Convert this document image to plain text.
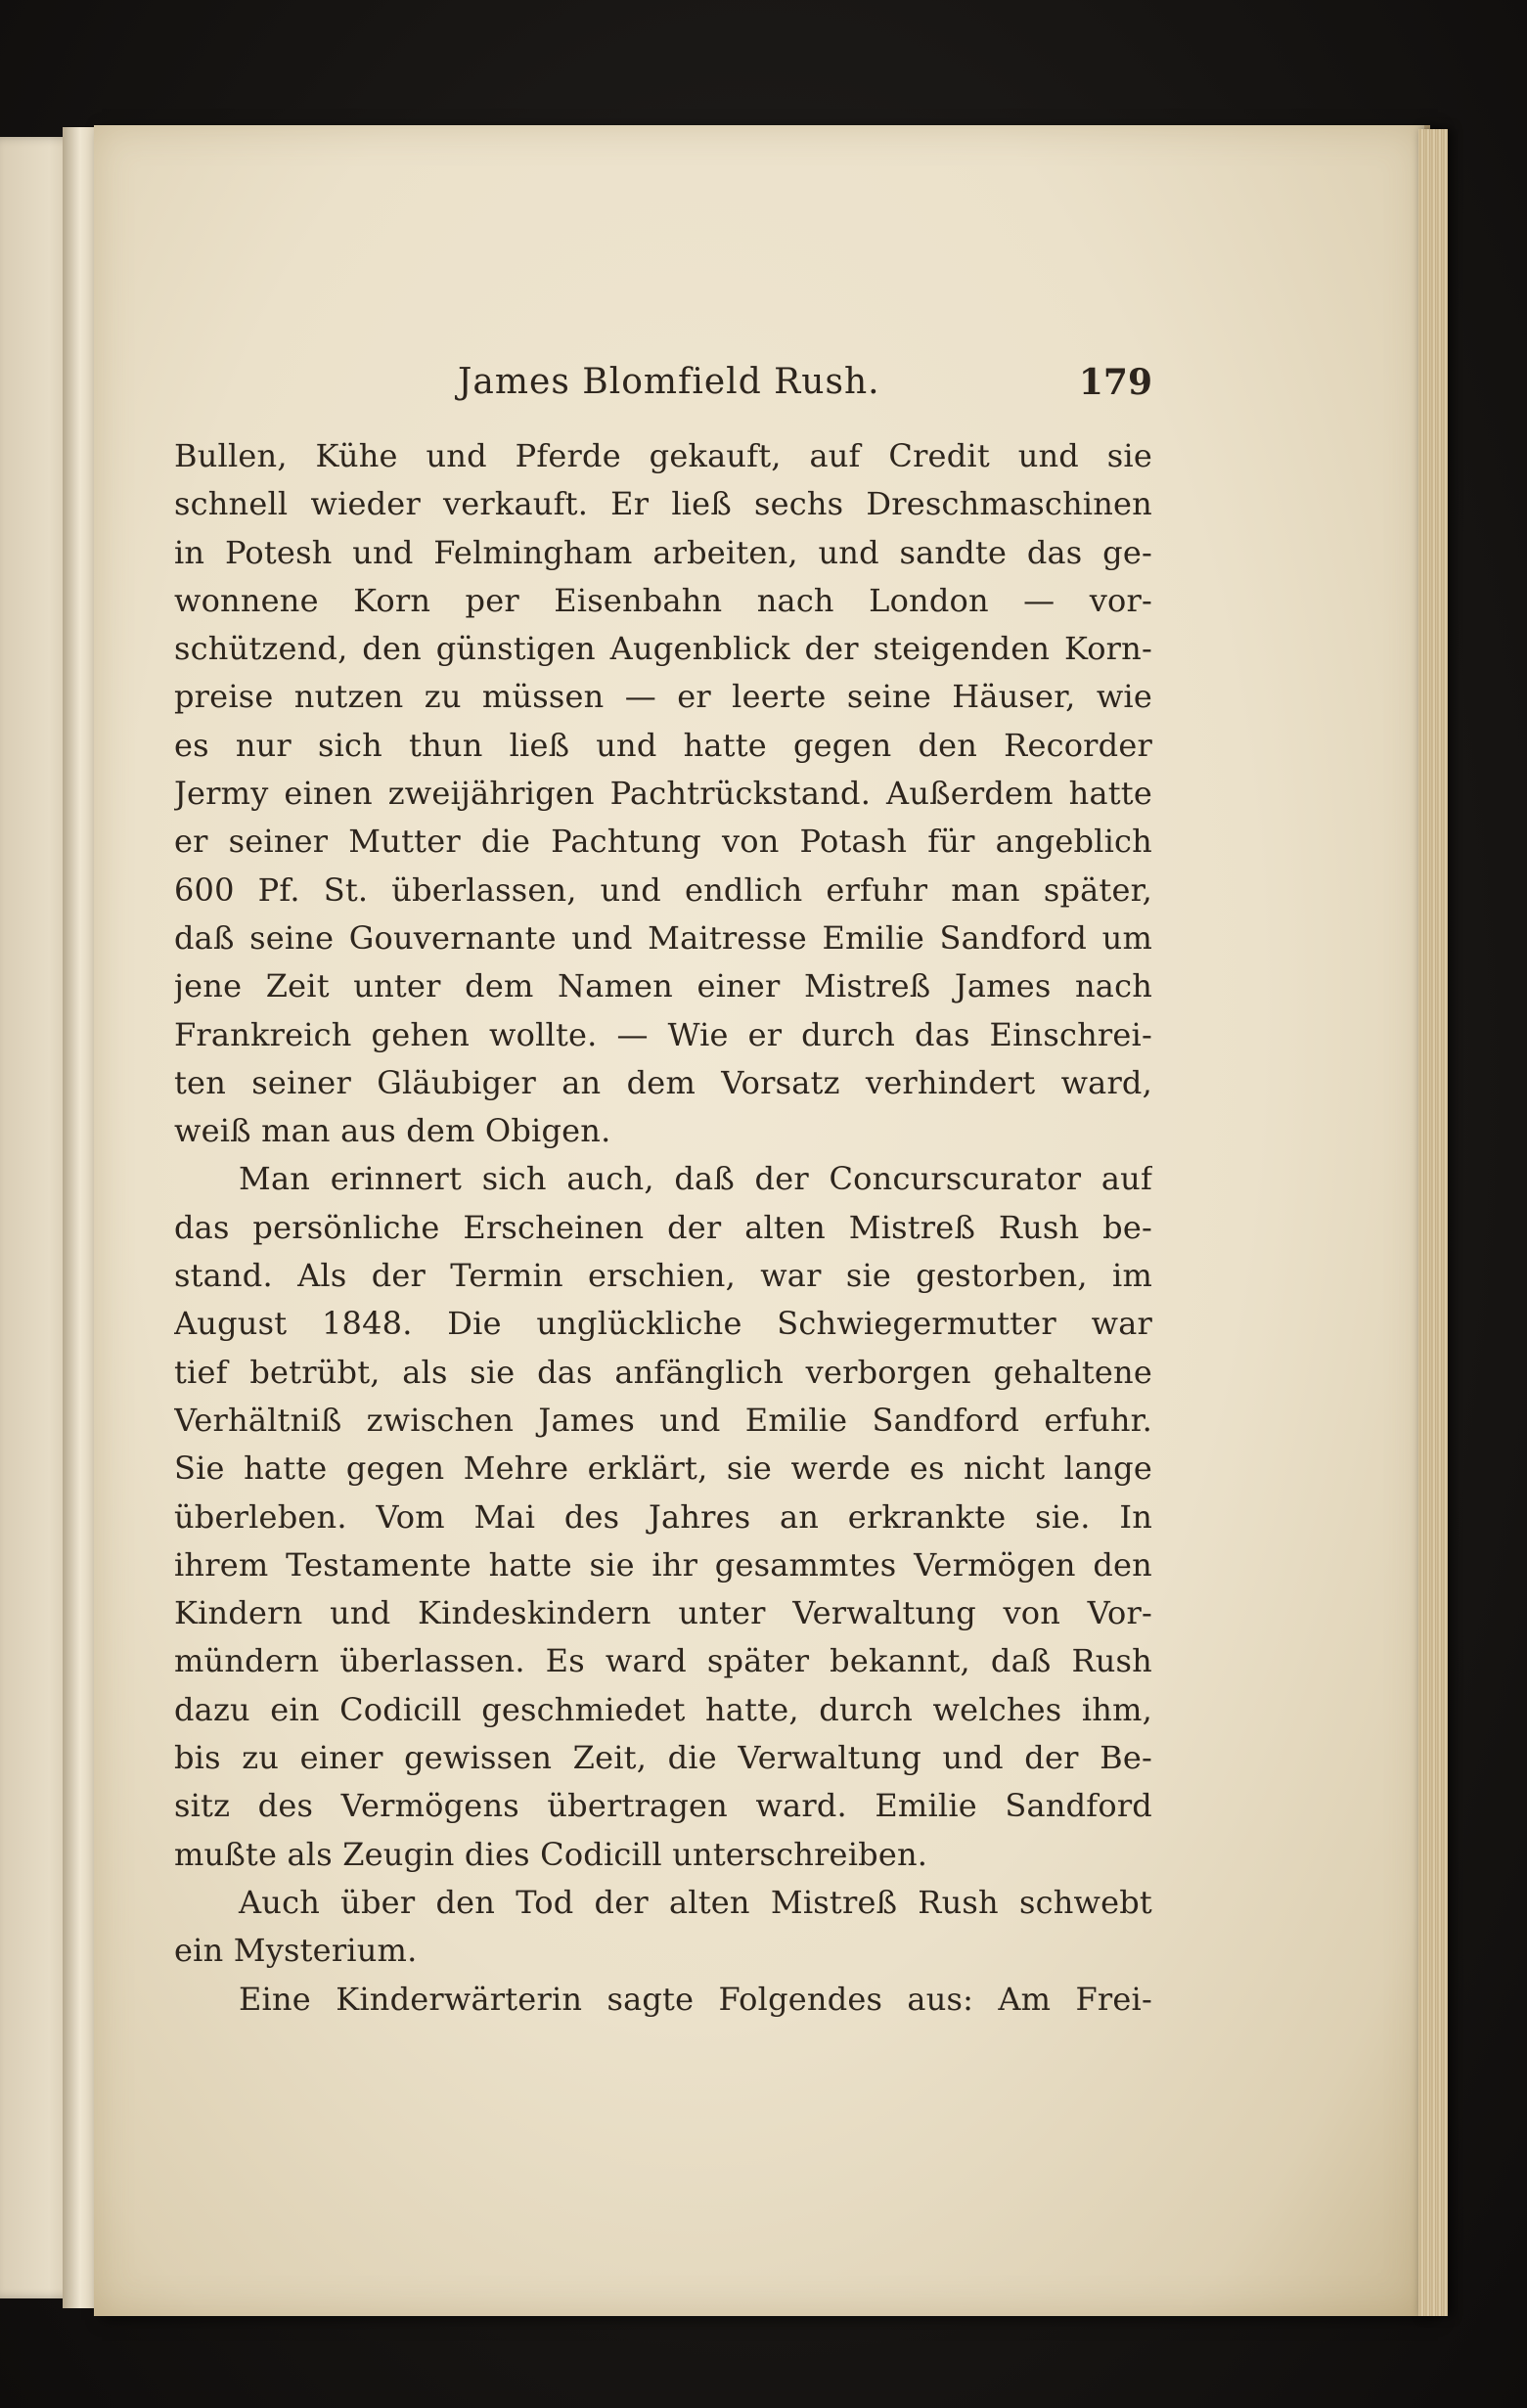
James Blomfield Rush.	179
Bullen, Kühe und Pferde gekauft, auf Credit und sie
schnell wieder verkauft. Er ließ sechs Dreschmaschinen
in Potesh und Felmingham arbeiten, und sandte das ge-
wonnene Korn per Eisenbahn nach London — vor-
schützend, den günstigen Augenblick der steigenden Korn-
preise nutzen zu müssen — er leerte seine Häuser, wie
es nur sich thun ließ und hatte gegen den Recorder
Jermy einen zweijährigen Pachtrückstand. Außerdem hatte
er seiner Mutter die Pachtung von Potash für angeblich
600 Pf. St. überlassen, und endlich erfuhr man später,
daß seine Gouvernante und Maitresse Emilie Sandford um
jene Zeit unter dem Namen einer Mistreß James nach
Frankreich gehen wollte. — Wie er durch das Einschrei-
ten seiner Gläubiger an dem Vorsatz verhindert ward,
weiß man aus dem Obigen.
Man erinnert sich auch, daß der Concurscurator auf
das persönliche Erscheinen der alten Mistreß Rush be-
stand. Als der Termin erschien, war sie gestorben, im
August 1848. Die unglückliche Schwiegermutter war
tief betrübt, als sie das anfänglich verborgen gehaltene
Verhältniß zwischen James und Emilie Sandford erfuhr.
Sie hatte gegen Mehre erklärt, sie werde es nicht lange
überleben. Vom Mai des Jahres an erkrankte sie. In
ihrem Testamente hatte sie ihr gesammtes Vermögen den
Kindern und Kindeskindern unter Verwaltung von Vor-
mündern überlassen. Es ward später bekannt, daß Rush
dazu ein Codicill geschmiedet hatte, durch welches ihm,
bis zu einer gewissen Zeit, die Verwaltung und der Be-
sitz des Vermögens übertragen ward. Emilie Sandford
mußte als Zeugin dies Codicill unterschreiben.
Auch über den Tod der alten Mistreß Rush schwebt
ein Mysterium.
Eine Kinderwärterin sagte Folgendes aus: Am Frei-
